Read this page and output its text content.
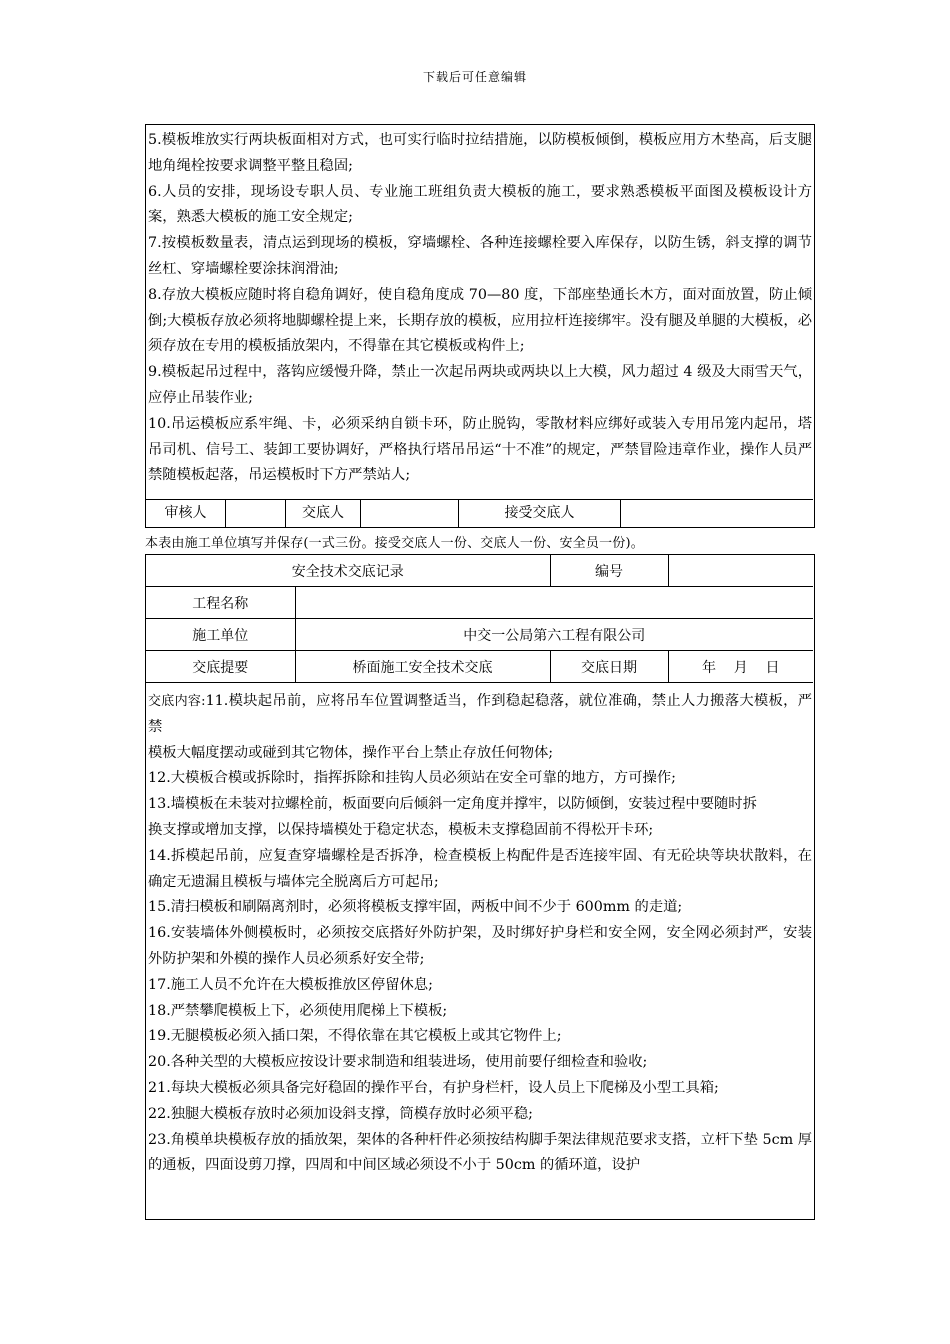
下载后可任意编辑

5.模板堆放实行两块板面相对方式，也可实行临时拉结措施，以防模板倾倒，模板应用方木垫高，后支腿地角绳栓按要求调整平整且稳固;

6.人员的安排，现场设专职人员、专业施工班组负责大模板的施工，要求熟悉模板平面图及模板设计方案，熟悉大模板的施工安全规定;

7.按模板数量表，清点运到现场的模板，穿墙螺栓、各种连接螺栓要入库保存，以防生锈，斜支撑的调节丝杠、穿墙螺栓要涂抹润滑油;

8.存放大模板应随时将自稳角调好，使自稳角度成 70—80 度，下部座垫通长木方，面对面放置，防止倾倒;大模板存放必须将地脚螺栓提上来，长期存放的模板，应用拉杆连接绑牢。没有腿及单腿的大模板，必须存放在专用的模板插放架内，不得靠在其它模板或构件上;

9.模板起吊过程中，落钩应缓慢升降，禁止一次起吊两块或两块以上大模，风力超过 4 级及大雨雪天气，应停止吊装作业;

10.吊运模板应系牢绳、卡，必须采纳自锁卡环，防止脱钩，零散材料应绑好或装入专用吊笼内起吊，塔吊司机、信号工、装卸工要协调好，严格执行塔吊吊运“十不准”的规定，严禁冒险违章作业，操作人员严禁随模板起落，吊运模板时下方严禁站人;

审核人	交底人	接受交底人
本表由施工单位填写并保存(一式三份。接受交底人一份、交底人一份、安全员一份)。
安全技术交底记录		编号	
工程名称			
施工单位	中交一公局第六工程有限公司		
交底提要	桥面施工安全技术交底	交底日期	年    月    日

交底内容:11.模块起吊前，应将吊车位置调整适当，作到稳起稳落，就位准确，禁止人力搬落大模板，严禁

模板大幅度摆动或碰到其它物体，操作平台上禁止存放任何物体;

12.大模板合模或拆除时，指挥拆除和挂钩人员必须站在安全可靠的地方，方可操作;

13.墙模板在未装对拉螺栓前，板面要向后倾斜一定角度并撑牢，以防倾倒，安装过程中要随时拆

换支撑或增加支撑，以保持墙模处于稳定状态，模板未支撑稳固前不得松开卡环;

14.拆模起吊前，应复查穿墙螺栓是否拆净，检查模板上构配件是否连接牢固、有无砼块等块状散料，在确定无遗漏且模板与墙体完全脱离后方可起吊;

15.清扫模板和刷隔离剂时，必须将模板支撑牢固，两板中间不少于 600mm 的走道;

16.安装墙体外侧模板时，必须按交底搭好外防护架，及时绑好护身栏和安全网，安全网必须封严，安装外防护架和外模的操作人员必须系好安全带;

17.施工人员不允许在大模板推放区停留休息;

18.严禁攀爬模板上下，必须使用爬梯上下模板;

19.无腿模板必须入插口架，不得依靠在其它模板上或其它物件上;

20.各种关型的大模板应按设计要求制造和组装进场，使用前要仔细检查和验收;

21.每块大模板必须具备完好稳固的操作平台，有护身栏杆，设人员上下爬梯及小型工具箱;

22.独腿大模板存放时必须加设斜支撑，筒模存放时必须平稳;

23.角模单块模板存放的插放架，架体的各种杆件必须按结构脚手架法律规范要求支搭，立杆下垫 5cm 厚的通板，四面设剪刀撑，四周和中间区域必须设不小于 50cm 的循环道，设护
